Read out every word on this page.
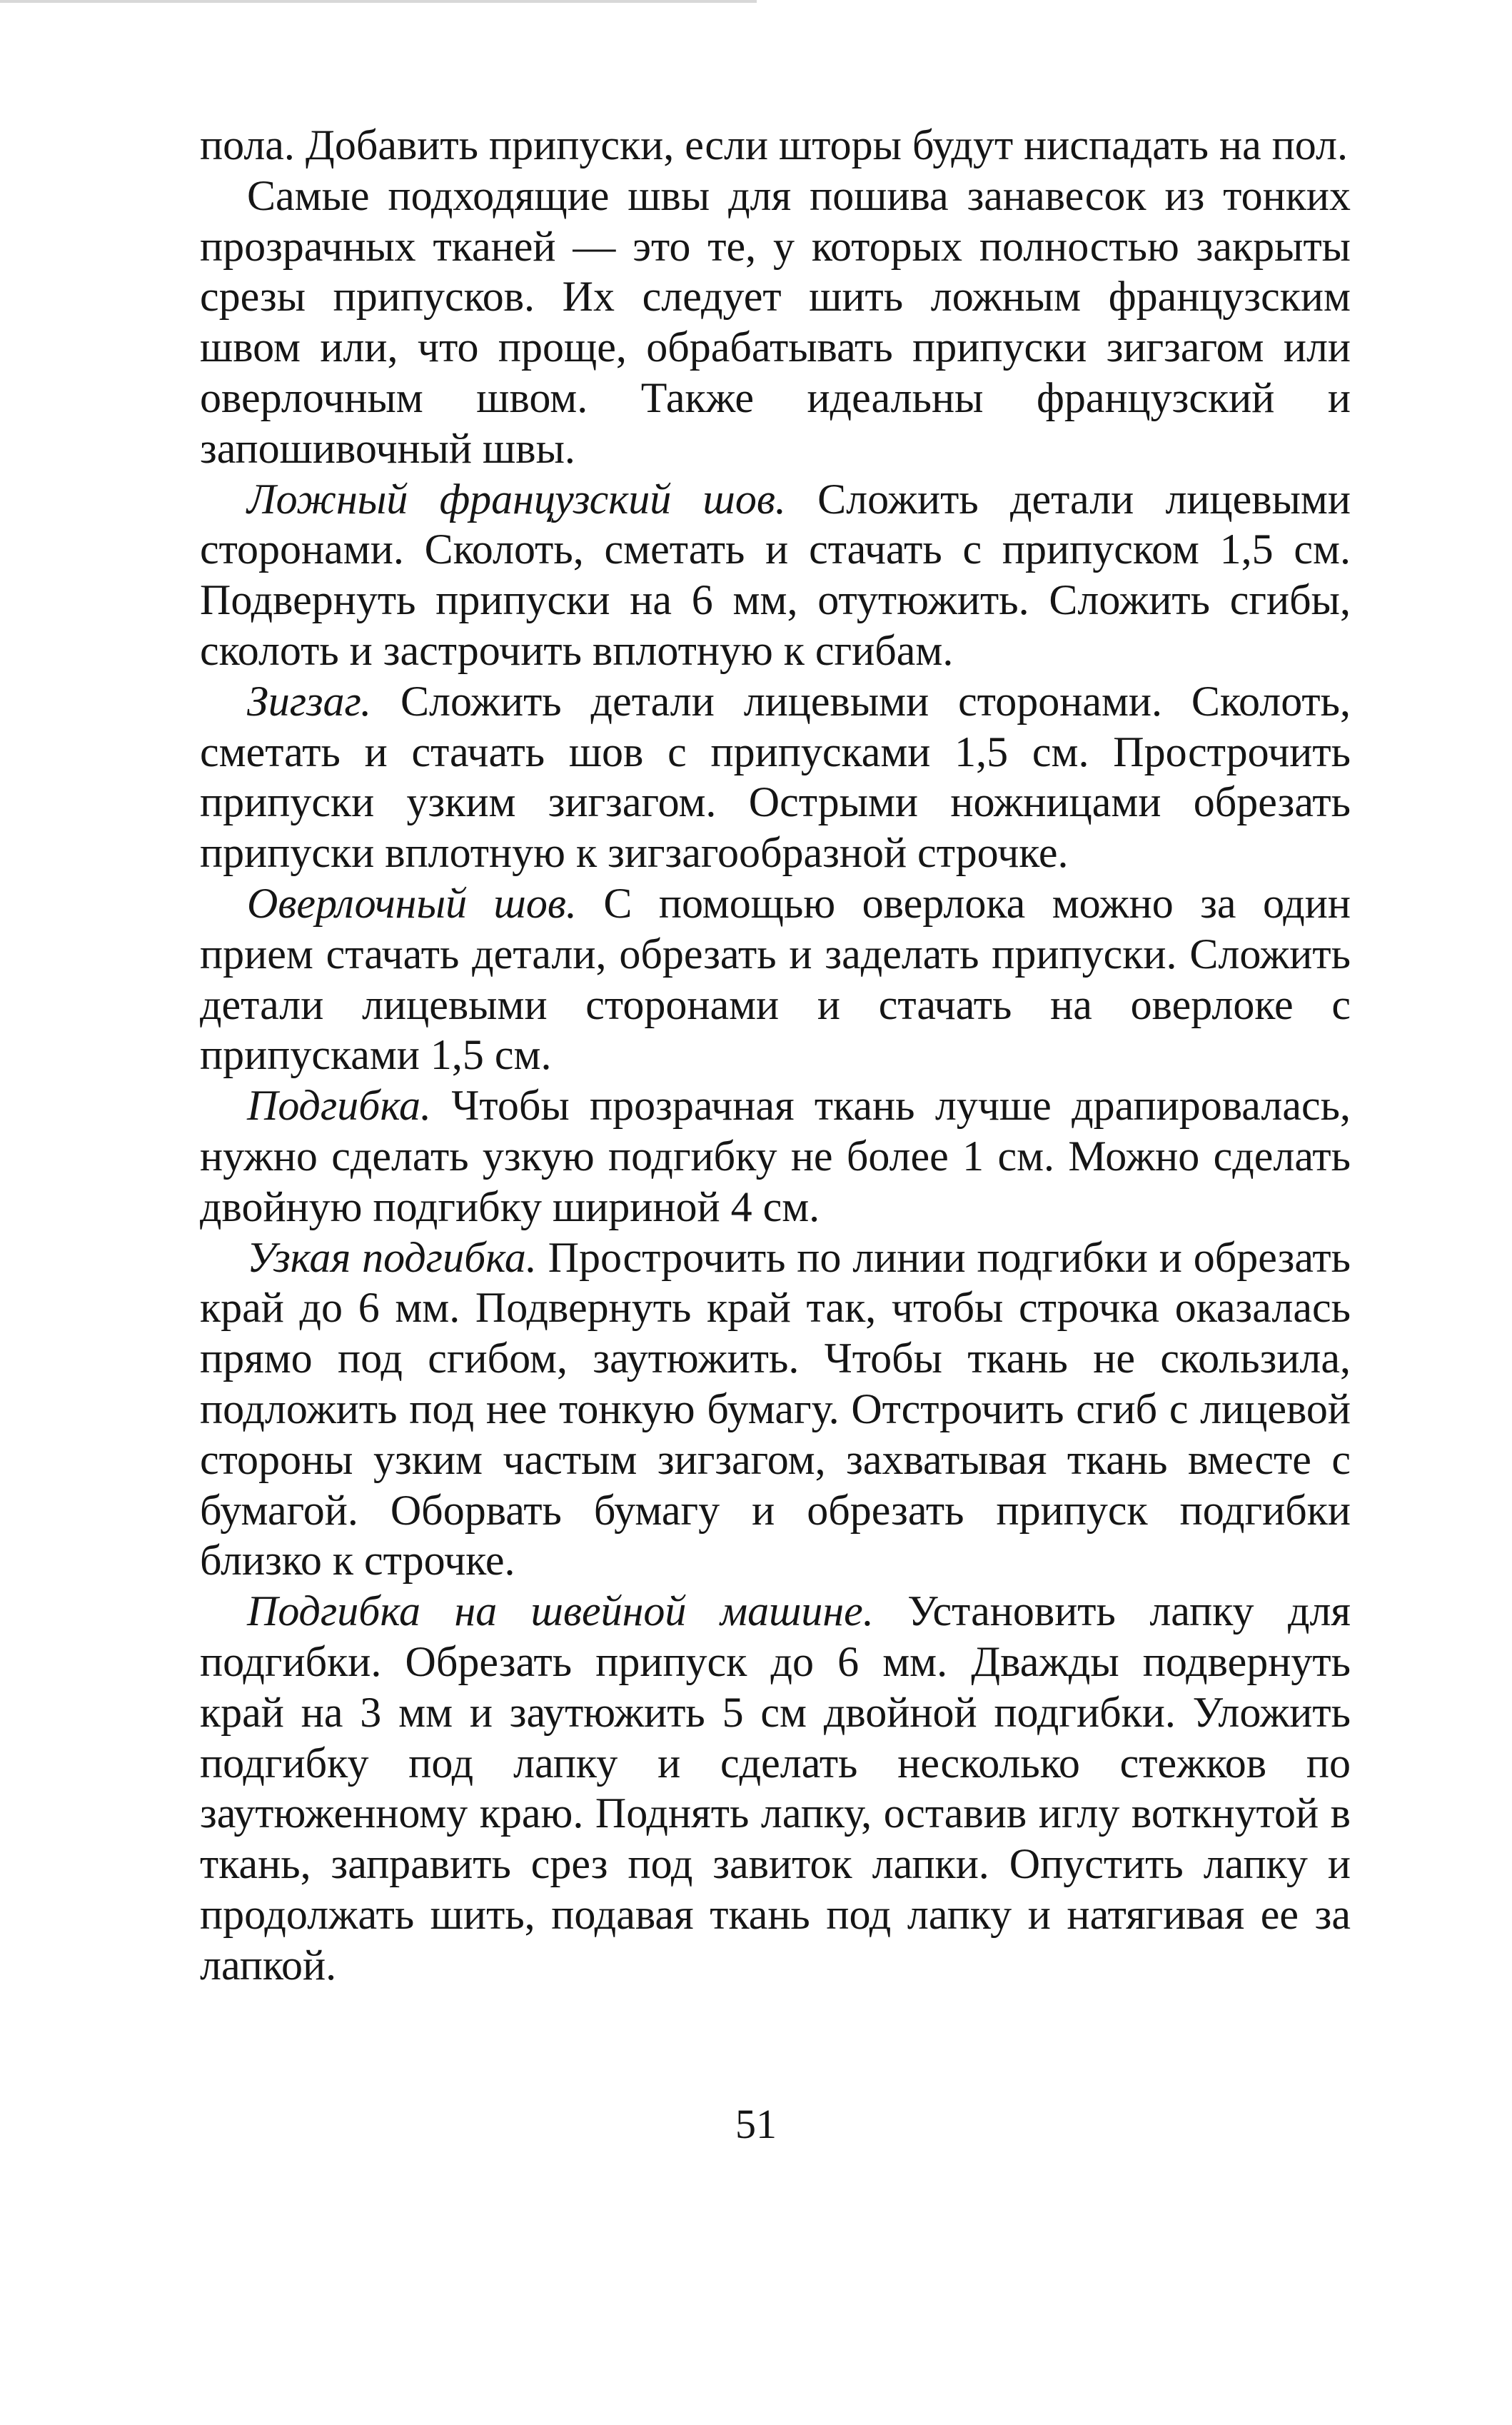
пола. Добавить припуски, если шторы будут ниспадать на пол.

Самые подходящие швы для пошива занавесок из тонких прозрачных тканей — это те, у которых полностью закрыты срезы припусков. Их следует шить ложным французским швом или, что проще, обрабатывать припуски зигзагом или оверлочным швом. Также идеальны французский и запошивочный швы.

Ложный французский шов. Сложить детали лицевыми сторонами. Сколоть, сметать и стачать с припуском 1,5 см. Подвернуть припуски на 6 мм, отутюжить. Сложить сгибы, сколоть и застрочить вплотную к сгибам.

Зигзаг. Сложить детали лицевыми сторонами. Сколоть, сметать и стачать шов с припусками 1,5 см. Прострочить припуски узким зигзагом. Острыми ножницами обрезать припуски вплотную к зигзагообразной строчке.

Оверлочный шов. С помощью оверлока можно за один прием стачать детали, обрезать и заделать припуски. Сложить детали лицевыми сторонами и стачать на оверлоке с припусками 1,5 см.

Подгибка. Чтобы прозрачная ткань лучше драпировалась, нужно сделать узкую подгибку не более 1 см. Можно сделать двойную подгибку шириной 4 см.

Узкая подгибка. Прострочить по линии подгибки и обрезать край до 6 мм. Подвернуть край так, чтобы строчка оказалась прямо под сгибом, заутюжить. Чтобы ткань не скользила, подложить под нее тонкую бумагу. Отстрочить сгиб с лицевой стороны узким частым зигзагом, захватывая ткань вместе с бумагой. Оборвать бумагу и обрезать припуск подгибки близко к строчке.

Подгибка на швейной машине. Установить лапку для подгибки. Обрезать припуск до 6 мм. Дважды подвернуть край на 3 мм и заутюжить 5 см двойной подгибки. Уложить подгибку под лапку и сделать несколько стежков по заутюженному краю. Поднять лапку, оставив иглу воткнутой в ткань, заправить срез под завиток лапки. Опустить лапку и продолжать шить, подавая ткань под лапку и натягивая ее за лапкой.

51
